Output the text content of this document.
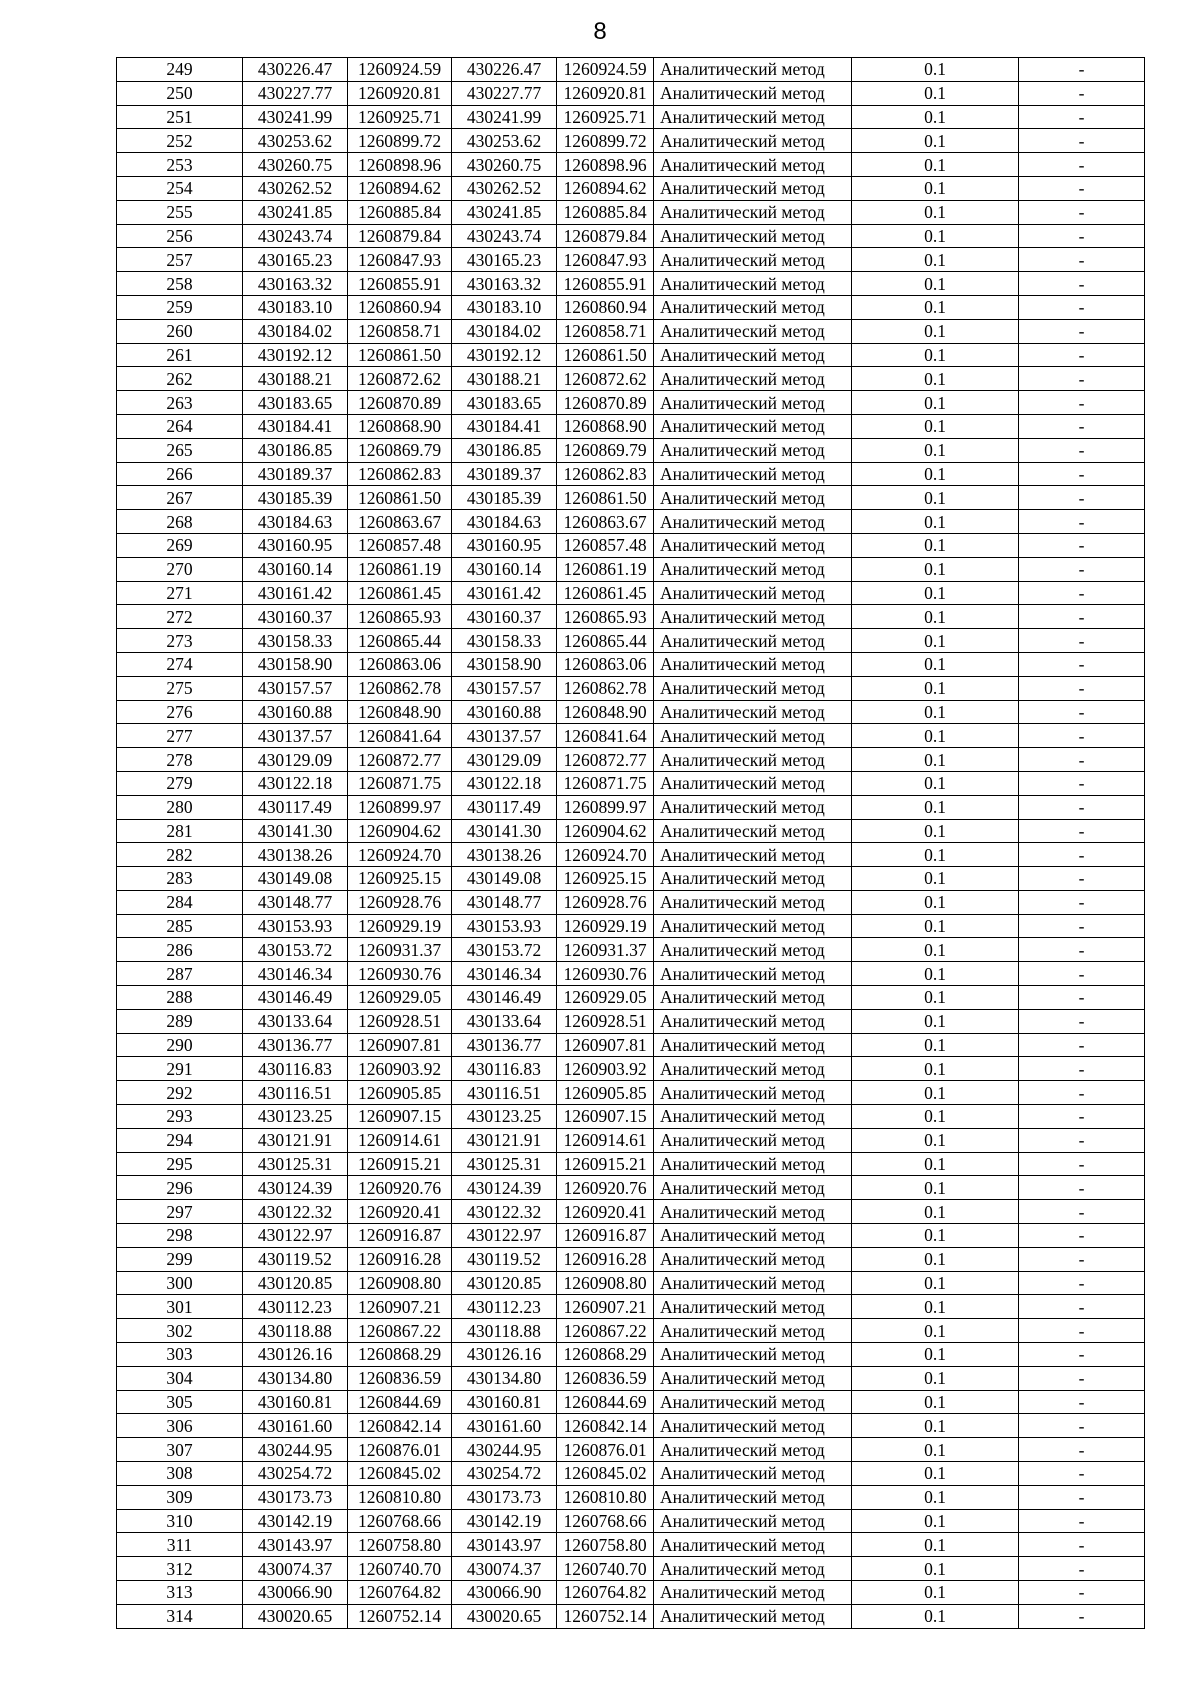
8
249	430226.47	1260924.59	430226.47	1260924.59	Аналитический метод	0.1	-
250	430227.77	1260920.81	430227.77	1260920.81	Аналитический метод	0.1	-
251	430241.99	1260925.71	430241.99	1260925.71	Аналитический метод	0.1	-
252	430253.62	1260899.72	430253.62	1260899.72	Аналитический метод	0.1	-
253	430260.75	1260898.96	430260.75	1260898.96	Аналитический метод	0.1	-
254	430262.52	1260894.62	430262.52	1260894.62	Аналитический метод	0.1	-
255	430241.85	1260885.84	430241.85	1260885.84	Аналитический метод	0.1	-
256	430243.74	1260879.84	430243.74	1260879.84	Аналитический метод	0.1	-
257	430165.23	1260847.93	430165.23	1260847.93	Аналитический метод	0.1	-
258	430163.32	1260855.91	430163.32	1260855.91	Аналитический метод	0.1	-
259	430183.10	1260860.94	430183.10	1260860.94	Аналитический метод	0.1	-
260	430184.02	1260858.71	430184.02	1260858.71	Аналитический метод	0.1	-
261	430192.12	1260861.50	430192.12	1260861.50	Аналитический метод	0.1	-
262	430188.21	1260872.62	430188.21	1260872.62	Аналитический метод	0.1	-
263	430183.65	1260870.89	430183.65	1260870.89	Аналитический метод	0.1	-
264	430184.41	1260868.90	430184.41	1260868.90	Аналитический метод	0.1	-
265	430186.85	1260869.79	430186.85	1260869.79	Аналитический метод	0.1	-
266	430189.37	1260862.83	430189.37	1260862.83	Аналитический метод	0.1	-
267	430185.39	1260861.50	430185.39	1260861.50	Аналитический метод	0.1	-
268	430184.63	1260863.67	430184.63	1260863.67	Аналитический метод	0.1	-
269	430160.95	1260857.48	430160.95	1260857.48	Аналитический метод	0.1	-
270	430160.14	1260861.19	430160.14	1260861.19	Аналитический метод	0.1	-
271	430161.42	1260861.45	430161.42	1260861.45	Аналитический метод	0.1	-
272	430160.37	1260865.93	430160.37	1260865.93	Аналитический метод	0.1	-
273	430158.33	1260865.44	430158.33	1260865.44	Аналитический метод	0.1	-
274	430158.90	1260863.06	430158.90	1260863.06	Аналитический метод	0.1	-
275	430157.57	1260862.78	430157.57	1260862.78	Аналитический метод	0.1	-
276	430160.88	1260848.90	430160.88	1260848.90	Аналитический метод	0.1	-
277	430137.57	1260841.64	430137.57	1260841.64	Аналитический метод	0.1	-
278	430129.09	1260872.77	430129.09	1260872.77	Аналитический метод	0.1	-
279	430122.18	1260871.75	430122.18	1260871.75	Аналитический метод	0.1	-
280	430117.49	1260899.97	430117.49	1260899.97	Аналитический метод	0.1	-
281	430141.30	1260904.62	430141.30	1260904.62	Аналитический метод	0.1	-
282	430138.26	1260924.70	430138.26	1260924.70	Аналитический метод	0.1	-
283	430149.08	1260925.15	430149.08	1260925.15	Аналитический метод	0.1	-
284	430148.77	1260928.76	430148.77	1260928.76	Аналитический метод	0.1	-
285	430153.93	1260929.19	430153.93	1260929.19	Аналитический метод	0.1	-
286	430153.72	1260931.37	430153.72	1260931.37	Аналитический метод	0.1	-
287	430146.34	1260930.76	430146.34	1260930.76	Аналитический метод	0.1	-
288	430146.49	1260929.05	430146.49	1260929.05	Аналитический метод	0.1	-
289	430133.64	1260928.51	430133.64	1260928.51	Аналитический метод	0.1	-
290	430136.77	1260907.81	430136.77	1260907.81	Аналитический метод	0.1	-
291	430116.83	1260903.92	430116.83	1260903.92	Аналитический метод	0.1	-
292	430116.51	1260905.85	430116.51	1260905.85	Аналитический метод	0.1	-
293	430123.25	1260907.15	430123.25	1260907.15	Аналитический метод	0.1	-
294	430121.91	1260914.61	430121.91	1260914.61	Аналитический метод	0.1	-
295	430125.31	1260915.21	430125.31	1260915.21	Аналитический метод	0.1	-
296	430124.39	1260920.76	430124.39	1260920.76	Аналитический метод	0.1	-
297	430122.32	1260920.41	430122.32	1260920.41	Аналитический метод	0.1	-
298	430122.97	1260916.87	430122.97	1260916.87	Аналитический метод	0.1	-
299	430119.52	1260916.28	430119.52	1260916.28	Аналитический метод	0.1	-
300	430120.85	1260908.80	430120.85	1260908.80	Аналитический метод	0.1	-
301	430112.23	1260907.21	430112.23	1260907.21	Аналитический метод	0.1	-
302	430118.88	1260867.22	430118.88	1260867.22	Аналитический метод	0.1	-
303	430126.16	1260868.29	430126.16	1260868.29	Аналитический метод	0.1	-
304	430134.80	1260836.59	430134.80	1260836.59	Аналитический метод	0.1	-
305	430160.81	1260844.69	430160.81	1260844.69	Аналитический метод	0.1	-
306	430161.60	1260842.14	430161.60	1260842.14	Аналитический метод	0.1	-
307	430244.95	1260876.01	430244.95	1260876.01	Аналитический метод	0.1	-
308	430254.72	1260845.02	430254.72	1260845.02	Аналитический метод	0.1	-
309	430173.73	1260810.80	430173.73	1260810.80	Аналитический метод	0.1	-
310	430142.19	1260768.66	430142.19	1260768.66	Аналитический метод	0.1	-
311	430143.97	1260758.80	430143.97	1260758.80	Аналитический метод	0.1	-
312	430074.37	1260740.70	430074.37	1260740.70	Аналитический метод	0.1	-
313	430066.90	1260764.82	430066.90	1260764.82	Аналитический метод	0.1	-
314	430020.65	1260752.14	430020.65	1260752.14	Аналитический метод	0.1	-
